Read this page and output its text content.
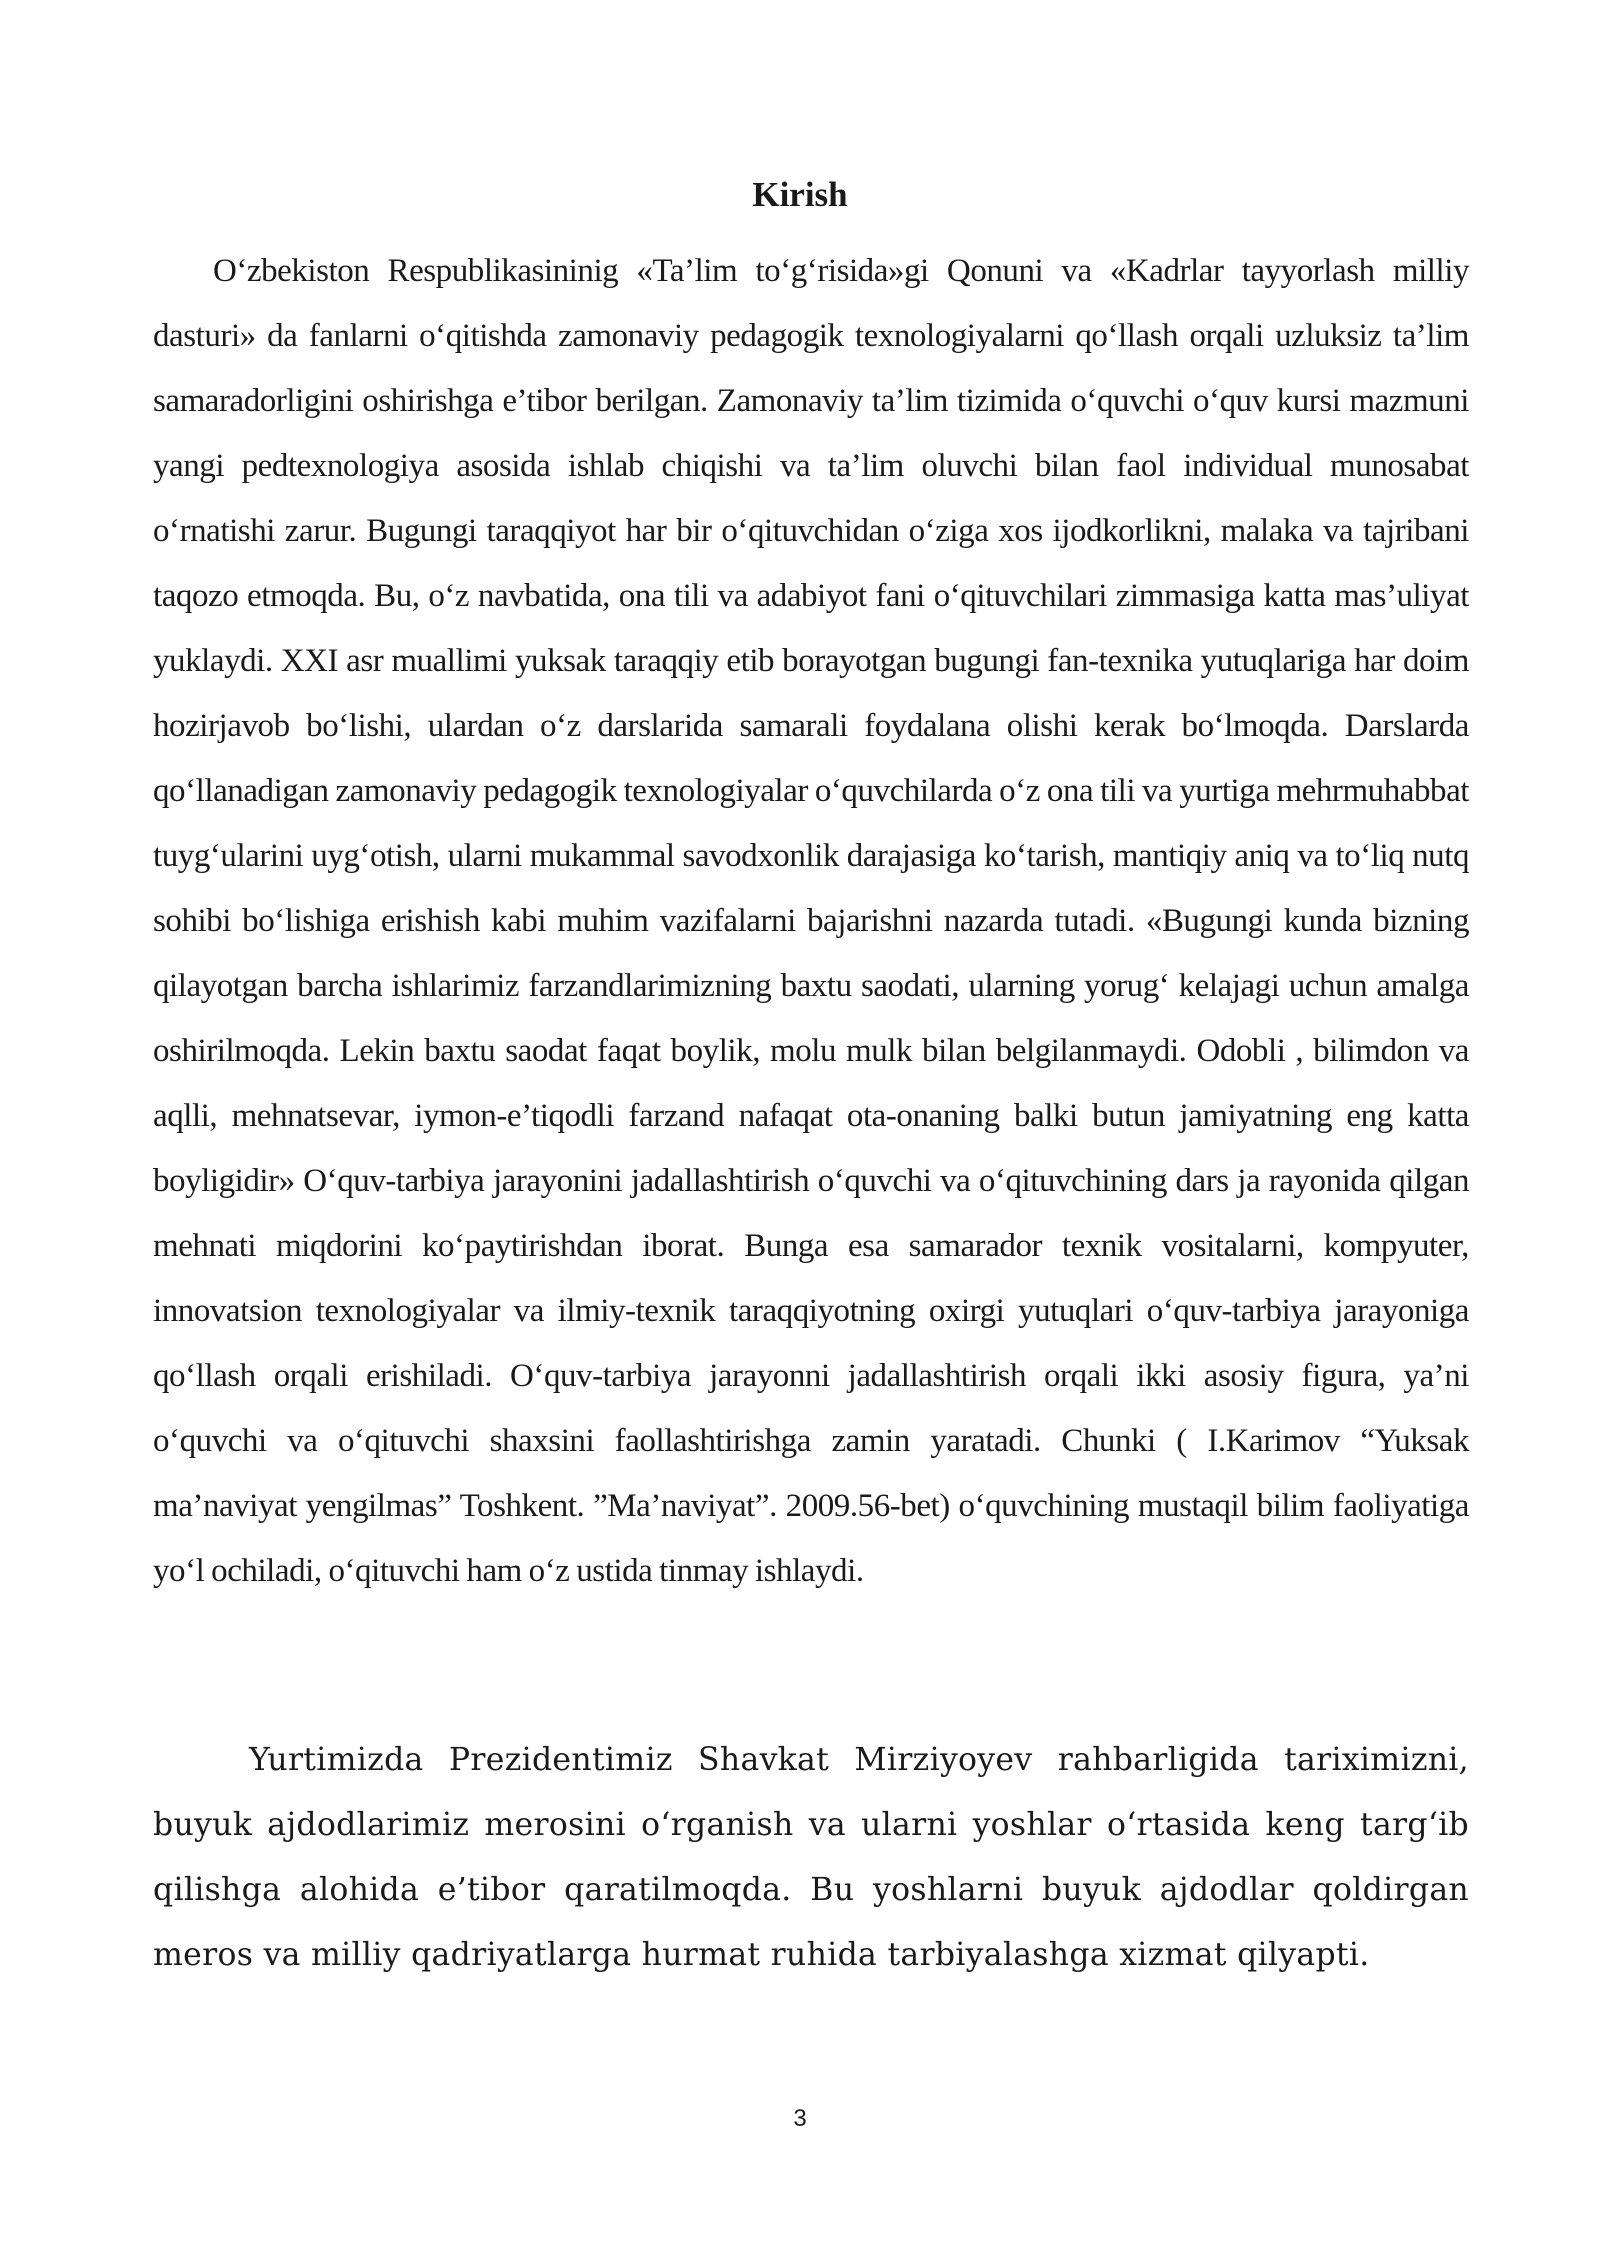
Kirish

Oʻzbekiston Respublikasininig «Ta’lim toʻgʻrisida»gi Qonuni va «Kadrlar tayyorlash milliy dasturi» da fanlarni oʻqitishda zamonaviy pedagogik texnologiyalarni qoʻllash orqali uzluksiz ta’lim samaradorligini oshirishga e’tibor berilgan. Zamonaviy ta’lim tizimida oʻquvchi oʻquv kursi mazmuni yangi pedtexnologiya asosida ishlab chiqishi va ta’lim oluvchi bilan faol individual munosabat oʻrnatishi zarur. Bugungi taraqqiyot har bir oʻqituvchidan oʻziga xos ijodkorlikni, malaka va tajribani taqozo etmoqda. Bu, oʻz navbatida, ona tili va adabiyot fani oʻqituvchilari zimmasiga katta mas’uliyat yuklaydi. XXI asr muallimi yuksak taraqqiy etib borayotgan bugungi fan-texnika yutuqlariga har doim hozirjavob boʻlishi, ulardan oʻz darslarida samarali foydalana olishi kerak boʻlmoqda. Darslarda qoʻllanadigan zamonaviy pedagogik texnologiyalar oʻquvchilarda oʻz ona tili va yurtiga mehrmuhabbat tuygʻularini uygʻotish, ularni mukammal savodxonlik darajasiga koʻtarish, mantiqiy aniq va toʻliq nutq sohibi boʻlishiga erishish kabi muhim vazifalarni bajarishni nazarda tutadi. «Bugungi kunda bizning qilayotgan barcha ishlarimiz farzandlarimizning baxtu saodati, ularning yorugʻ kelajagi uchun amalga oshirilmoqda. Lekin baxtu saodat faqat boylik, molu mulk bilan belgilanmaydi. Odobli , bilimdon va aqlli, mehnatsevar, iymon-e’tiqodli farzand nafaqat ota-onaning balki butun jamiyatning eng katta boyligidir» Oʻquv-tarbiya jarayonini jadallashtirish oʻquvchi va oʻqituvchining dars ja rayonida qilgan mehnati miqdorini koʻpaytirishdan iborat. Bunga esa samarador texnik vositalarni, kompyuter, innovatsion texnologiyalar va ilmiy-texnik taraqqiyotning oxirgi yutuqlari oʻquv-tarbiya jarayoniga qoʻllash orqali erishiladi. Oʻquv-tarbiya jarayonni jadallashtirish orqali ikki asosiy figura, ya’ni oʻquvchi va oʻqituvchi shaxsini faollashtirishga zamin yaratadi. Chunki ( I.Karimov “Yuksak ma’naviyat yengilmas” Toshkent. ”Ma’naviyat”. 2009.56-bet) oʻquvchining mustaqil bilim faoliyatiga yoʻl ochiladi, oʻqituvchi ham oʻz ustida tinmay ishlaydi.

Yurtimizda Prezidentimiz Shavkat Mirziyoyev rahbarligida tariximizni, buyuk ajdodlarimiz merosini oʻrganish va ularni yoshlar oʻrtasida keng targʻib qilishga alohida e’tibor qaratilmoqda. Bu yoshlarni buyuk ajdodlar qoldirgan meros va milliy qadriyatlarga hurmat ruhida tarbiyalashga xizmat qilyapti.

3
